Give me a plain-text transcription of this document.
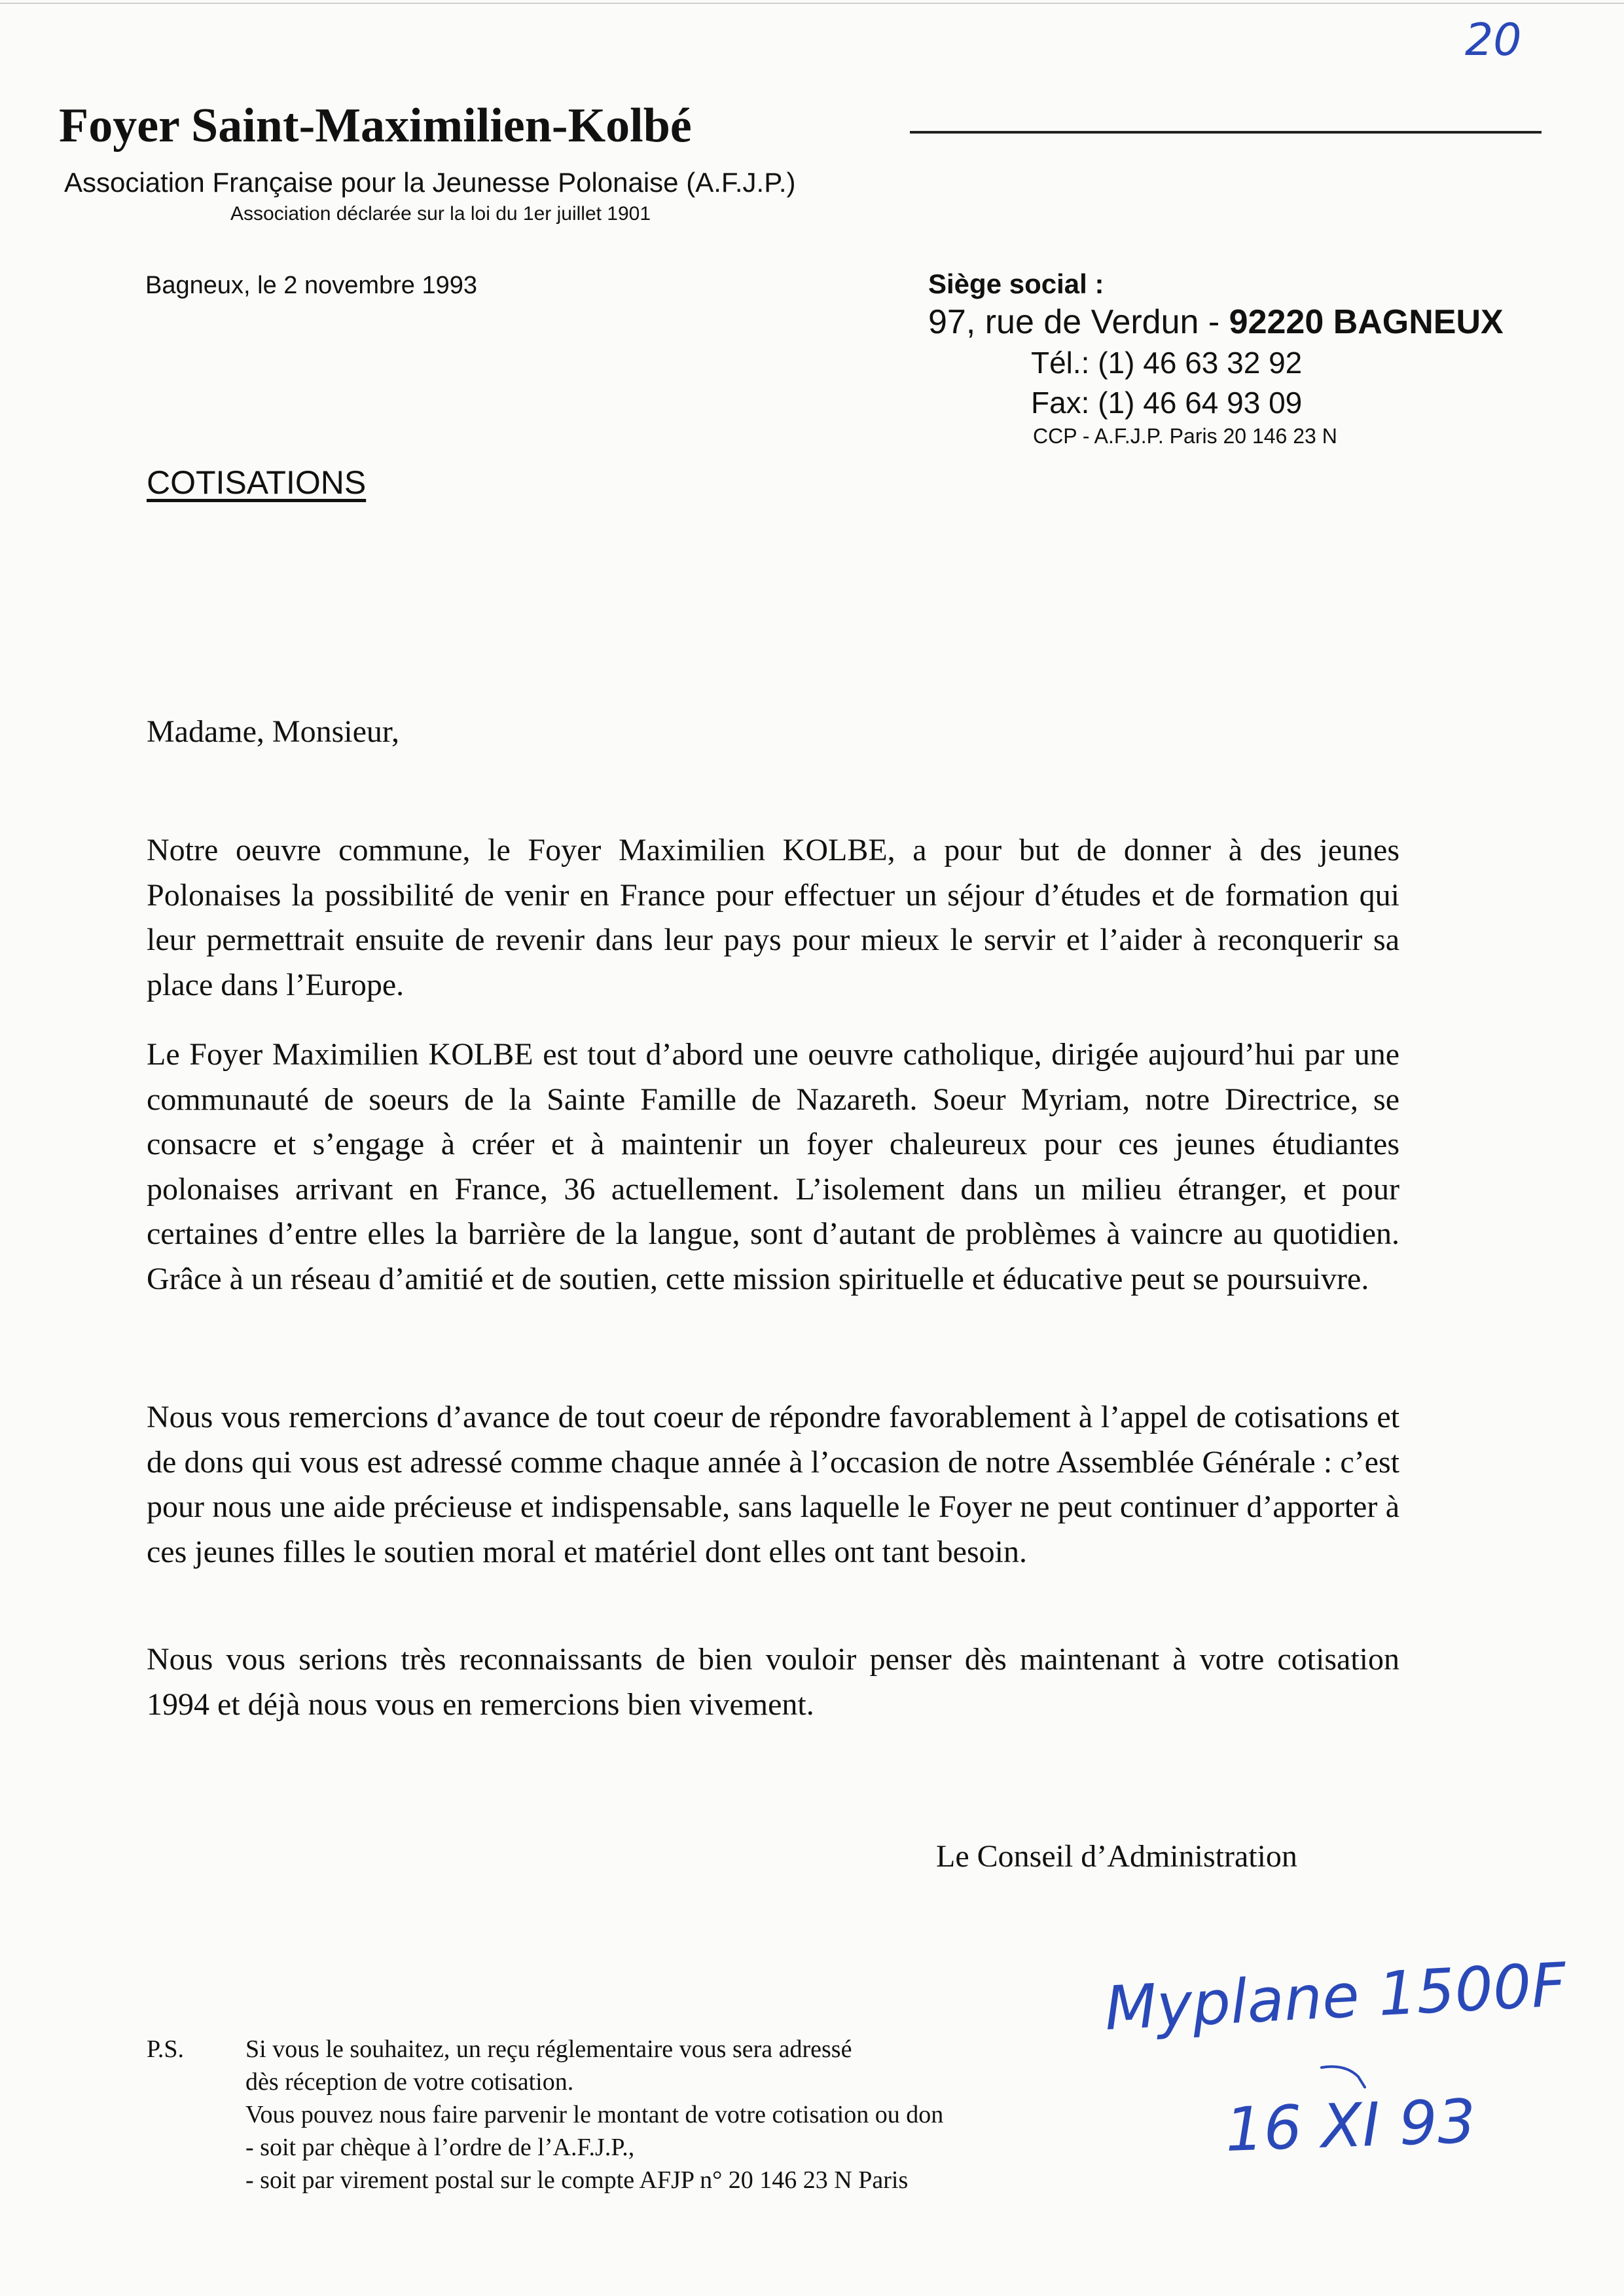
20
Foyer Saint-Maximilien-Kolbé
Association Française pour la Jeunesse Polonaise (A.F.J.P.)
Association déclarée sur la loi du 1er juillet 1901
Bagneux, le 2 novembre 1993	Siège social :
97, rue de Verdun - 92220 BAGNEUX
Tél.: (1) 46 63 32 92
Fax: (1) 46 64 93 09
CCP - A.F.J.P. Paris 20 146 23 N
COTISATIONS
Madame, Monsieur,

Notre oeuvre commune, le Foyer Maximilien KOLBE, a pour but de donner à des jeunes Polonaises la possibilité de venir en France pour effectuer un séjour d’études et de formation qui leur permettrait ensuite de revenir dans leur pays pour mieux le servir et l’aider à reconquerir sa place dans l’Europe.

Le Foyer Maximilien KOLBE est tout d’abord une oeuvre catholique, dirigée aujourd’hui par une communauté de soeurs de la Sainte Famille de Nazareth. Soeur Myriam, notre Directrice, se consacre et s’engage à créer et à maintenir un foyer chaleureux pour ces jeunes étudiantes polonaises arrivant en France, 36 actuellement. L’isolement dans un milieu étranger, et pour certaines d’entre elles la barrière de la langue, sont d’autant de problèmes à vaincre au quotidien. Grâce à un réseau d’amitié et de soutien, cette mission spirituelle et éducative peut se poursuivre.

Nous vous remercions d’avance de tout coeur de répondre favorablement à l’appel de cotisations et de dons qui vous est adressé comme chaque année à l’occasion de notre Assemblée Générale : c’est pour nous une aide précieuse et indispensable, sans laquelle le Foyer ne peut continuer d’apporter à ces jeunes filles le soutien moral et matériel dont elles ont tant besoin.

Nous vous serions très reconnaissants de bien vouloir penser dès maintenant à votre cotisation 1994 et déjà nous vous en remercions bien vivement.

Le Conseil d’Administration
P.S. Si vous le souhaitez, un reçu réglementaire vous sera adressé
dès réception de votre cotisation.
Vous pouvez nous faire parvenir le montant de votre cotisation ou don
- soit par chèque à l’ordre de l’A.F.J.P.,
- soit par virement postal sur le compte AFJP n° 20 146 23 N Paris
Myplane 1500F
16 XI 93
